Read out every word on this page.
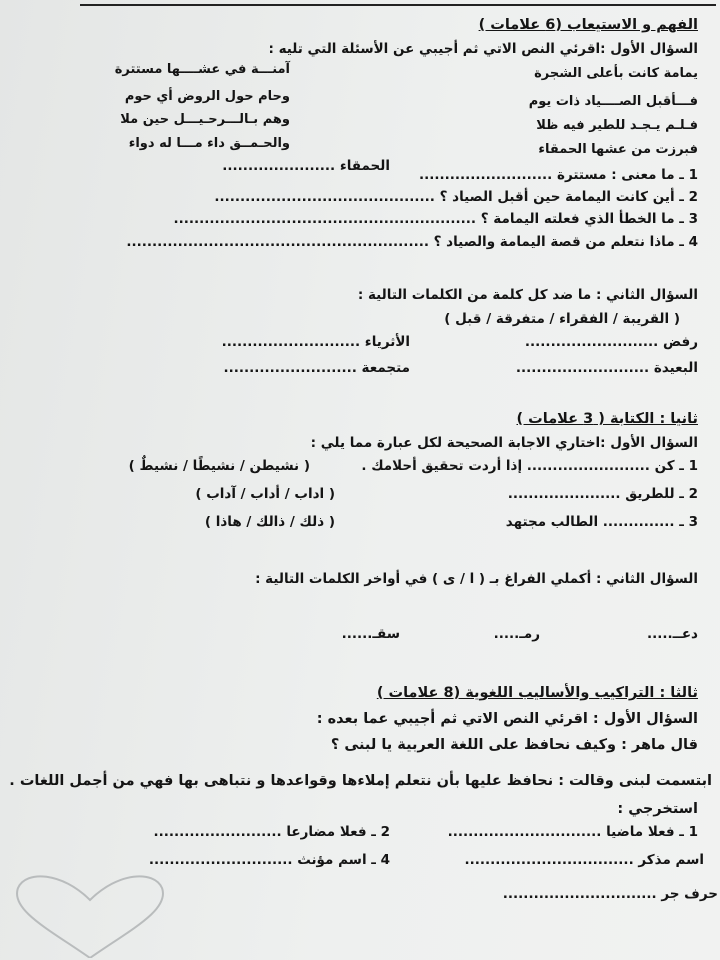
الفهم و الاستيعاب (6 علامات )
السؤال الأول :اقرئي النص الاتي ثم أجيبي عن الأسئلة التي تليه :
يمامة كانت بأعلى الشجرة
آمنـــة في عشــــها مستترة
فـــأقبل الصــــياد ذات يوم
وحام حول الروض أي حوم
فـلـم يـجـد للطير فيه ظلا
وهم بـالـــرحـيـــل حين ملا
فبرزت من عشها الحمقاء
والحـمــق داء مـــا له دواء
1 ـ ما معنى : مستترة ..........................
الحمقاء ......................
2 ـ أين كانت اليمامة حين أقبل الصياد ؟ ...........................................
3 ـ ما الخطأ الذي فعلته اليمامة ؟ ...........................................................
4 ـ ماذا نتعلم من قصة اليمامة والصياد ؟ ...........................................................
السؤال الثاني : ما ضد كل كلمة من الكلمات التالية :
( القريبة / الفقراء / متفرقة / قبل )
رفض ..........................
الأثرياء ...........................
البعيدة ..........................
متجمعة ..........................
ثانيا : الكتابة ( 3 علامات )
السؤال الأول :اختاري الاجابة الصحيحة لكل عبارة مما يلي :
1 ـ كن ........................ إذا أردت تحقيق أحلامك .
( نشيطن / نشيطًا / نشيطٌ )
2 ـ للطريق ......................
( اداب / أداب / آداب )
3 ـ .............. الطالب مجتهد
( ذلك / ذالك / هاذا )
السؤال الثاني : أكملي الفراغ بـ ( ا / ى ) في أواخر الكلمات التالية :
دعــ.....
رمـ.....
سقـ......
ثالثا : التراكيب والأساليب اللغوية (8 علامات )
السؤال الأول : اقرئي النص الاتي ثم أجيبي عما بعده :
قال ماهر : وكيف نحافظ على اللغة العربية يا لبنى ؟
ابتسمت لبنى وقالت : نحافظ عليها بأن نتعلم إملاءها وقواعدها و نتباهى بها فهي من أجمل اللغات .
استخرجي :
1 ـ فعلا ماضيا ..............................
2 ـ فعلا مضارعا .........................
اسم مذكر .................................
4 ـ اسم مؤنث ............................
حرف جر ..............................
